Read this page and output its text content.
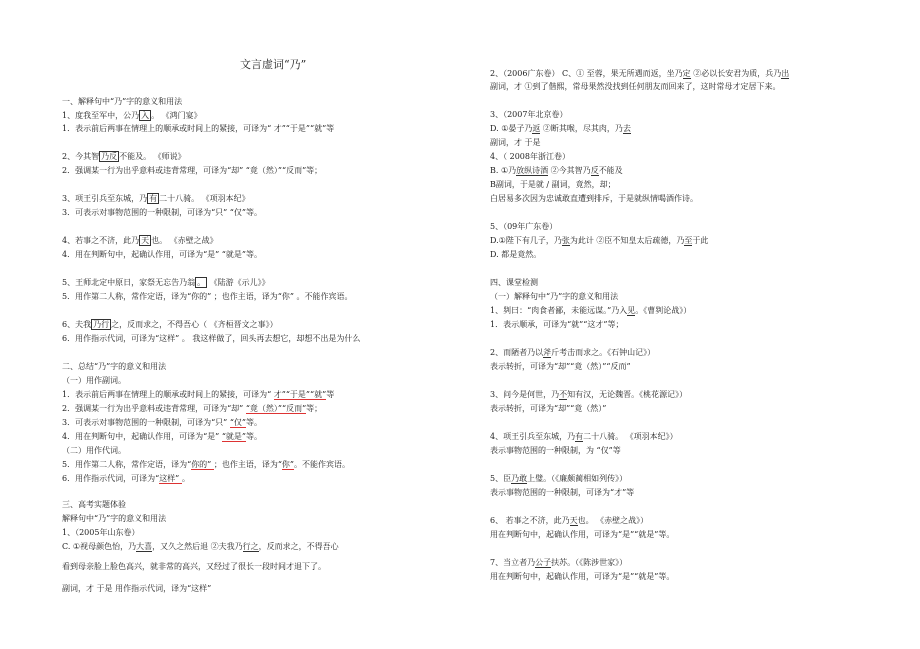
文言虚词“乃”
一、解释句中“乃”字的意义和用法
1、度我至军中，公乃 入 。 《鸿门宴》
1．表示前后两事在情理上的顺承或时间上的紧接，可译为“ 才”“于是”“就”等
2、今其智 乃反 不能及。 《师说》
2．强调某一行为出乎意料或违背常理，可译为“却” “竟（然）”“反而”等；
3、项王引兵至东城，乃 有 二十八骑。 《项羽本纪》
3．可表示对事物范围的一种限制，可译为“只” “仅”等。
4、若事之不济，此乃 天 也。 《赤壁之战》
4．用在判断句中，起确认作用，可译为“是” “就是”等。
5、王师北定中原日，家祭无忘告乃翁 。 《陆游《示儿》》
5．用作第二人称，常作定语，译为“你的” ；也作主语，译为“你” 。不能作宾语。
6、夫我 乃行 之，反而求之，不得吾心（ 《齐桓晋文之事》）
6．用作指示代词，可译为“这样” 。 我这样做了，回头再去想它，却想不出是为什么
二、总结“乃”字的意义和用法
（一）用作副词。
1．表示前后两事在情理上的顺承或时间上的紧接，可译为“ 才”“于是”“就”等
2．强调某一行为出乎意料或违背常理，可译为“却” “竟（然）”“反而”等；
3．可表示对事物范围的一种限制，可译为“只” “仅”等。
4．用在判断句中，起确认作用，可译为“是” “就是”等。
（二）用作代词。
5．用作第二人称，常作定语，译为“你的” ；也作主语，译为“你”。不能作宾语。
6．用作指示代词，可译为“这样” 。
三、高考实题体验
解释句中“乃”字的意义和用法
1、（2005年山东卷）
C. ①视母颜色怡，乃大喜，又久之然后退 ②夫我乃行之，反而求之，不得吾心
看到母亲脸上脸色高兴，就非常的高兴，又经过了很长一段时间才退下了。
副词，才 于是 用作指示代词，译为“这样”
2、（2006广东卷） C、① 至蓉，果无所遇而返，坐乃定 ②必以长安君为质，兵乃出
副词，才 ①到了偕熙，常母果然没找到任何朋友而回来了，这时常母才定居下来。
3、（2007年北京卷）
D. ①晏子乃返 ②断其喉，尽其肉，乃去
副词，才 于是
4、（ 2008年浙江卷）
B. ①乃放纵诗酒 ②今其智乃反不能及
B副词，于是就 / 副词，竟然，却；
白居易多次因为忠诚敢直遭到排斥，于是就纵情喝酒作诗。
5、（09年广东卷）
D.①陛下有几子，乃张为此计 ②臣不知皇太后疏德，乃至于此
D. 都是竟然。
四、课堂检测
（一）解释句中“乃”字的意义和用法
1、刿曰：“肉食者鄙，未能远谋。”乃入见。《曹刿论战》）
1．表示顺承，可译为“就”“这才”等；
2、而陋者乃以斧斤考击而求之。《石钟山记》）
表示转折，可译为“却”“竟（然）”“反而”
3、问今是何世，乃不知有汉，无论魏晋。《桃花源记》）
表示转折，可译为“却”“竟（然）”
4、项王引兵至东城，乃有二十八骑。 《项羽本纪》）
表示事物范围的一种限制，为 “仅”等
5、臣乃敢上璧。（《廉颇蔺相如列传》）
表示事物范围的一种限制，可译为“才”等
6、 若事之不济，此乃天也。 《赤壁之战》）
用在判断句中，起确认作用，可译为“是”“就是”等。
7、当立者乃公子扶苏。（《陈涉世家》）
用在判断句中，起确认作用，可译为“是”“就是”等。
